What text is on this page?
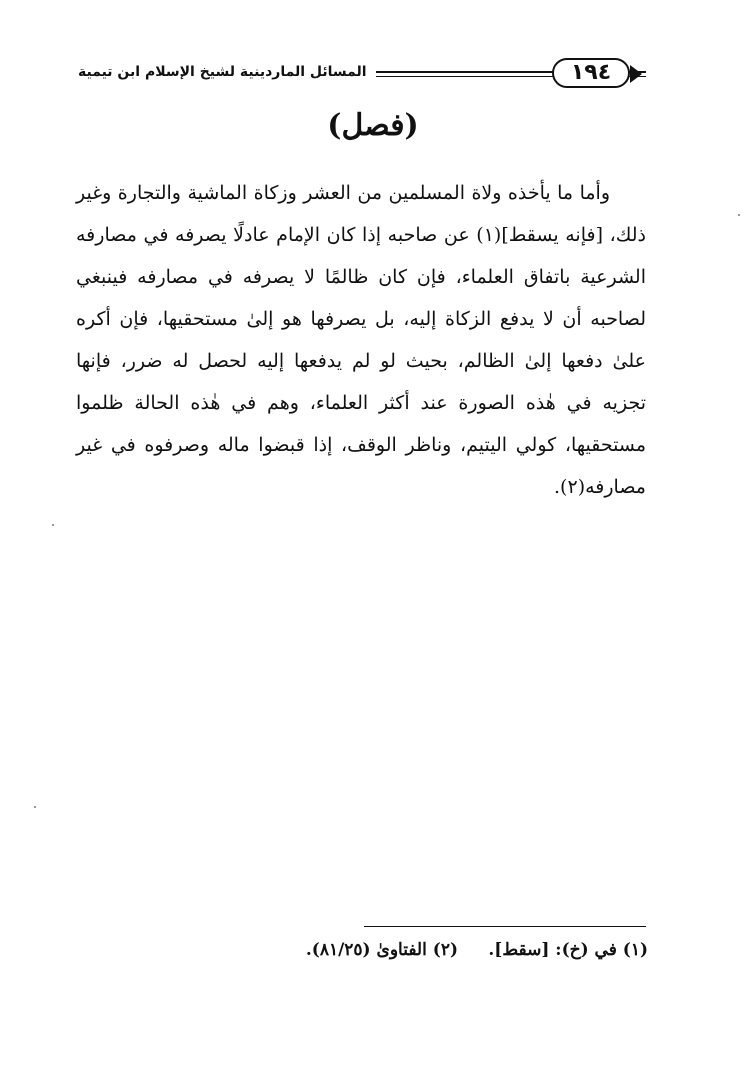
المسائل الماردينية لشيخ الإسلام ابن تيمية	١٩٤
(فصل)

وأما ما يأخذه ولاة المسلمين من العشر وزكاة الماشية والتجارة وغير ذلك، [فإنه يسقط](١) عن صاحبه إذا كان الإمام عادلًا يصرفه في مصارفه الشرعية باتفاق العلماء، فإن كان ظالمًا لا يصرفه في مصارفه فينبغي لصاحبه أن لا يدفع الزكاة إليه، بل يصرفها هو إلىٰ مستحقيها، فإن أكره علىٰ دفعها إلىٰ الظالم، بحيث لو لم يدفعها إليه لحصل له ضرر، فإنها تجزيه في هٰذه الصورة عند أكثر العلماء، وهم في هٰذه الحالة ظلموا مستحقيها، كولي اليتيم، وناظر الوقف، إذا قبضوا ماله وصرفوه في غير مصارفه(٢).

(١) في (خ): [سقط].
(٢) الفتاوىٰ (٨١/٢٥).
